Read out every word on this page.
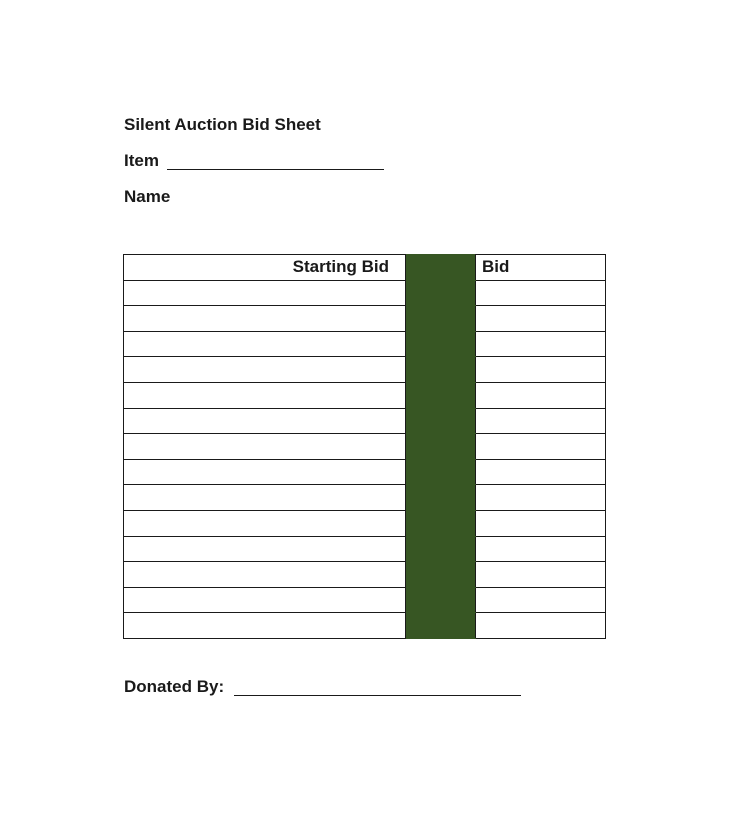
Silent Auction Bid Sheet
Item
Name
Starting Bid		Bid

Donated By:
